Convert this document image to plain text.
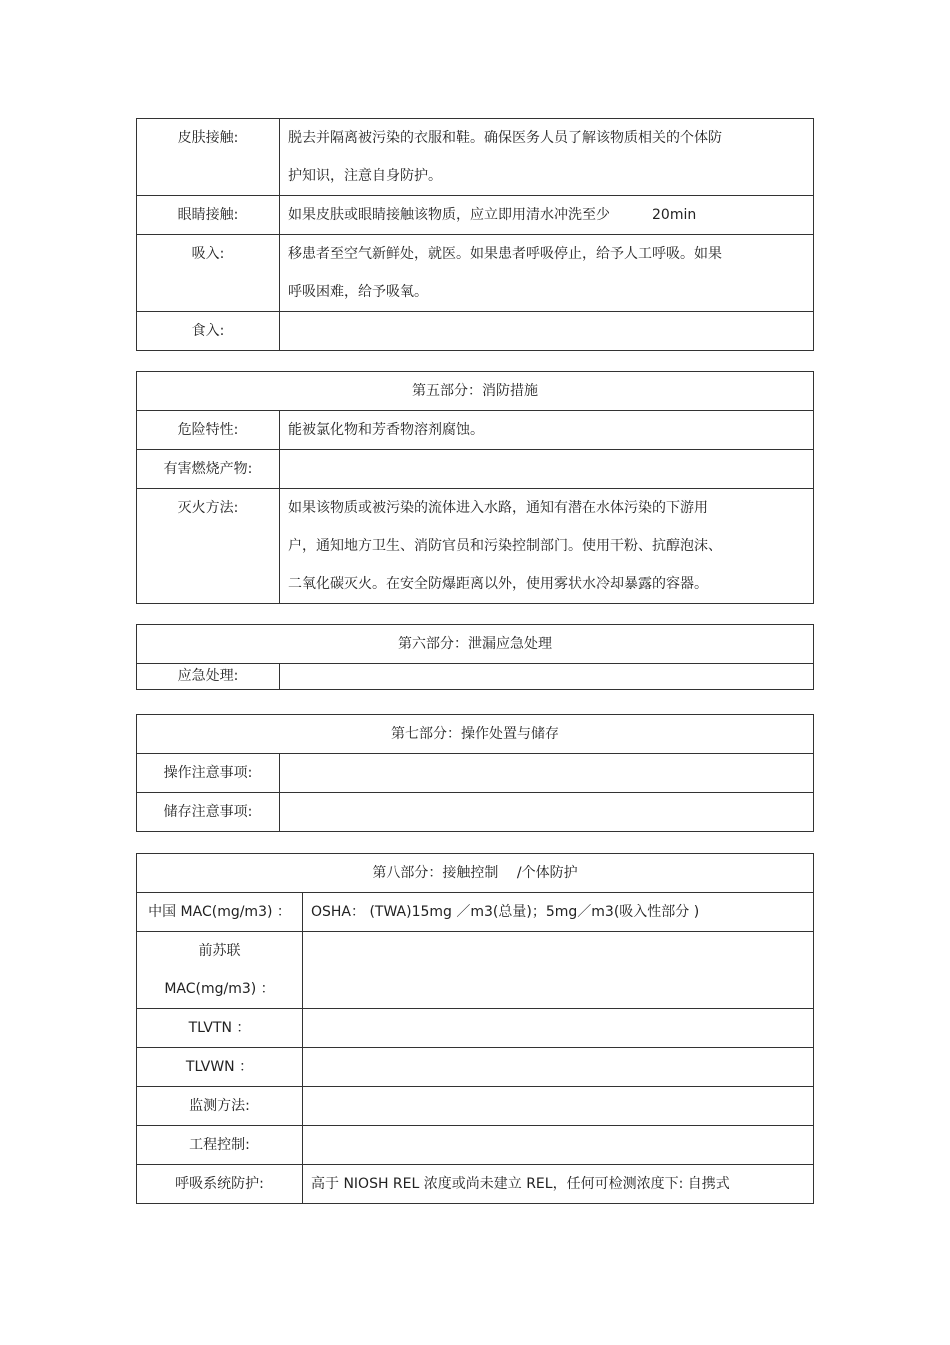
皮肤接触:	脱去并隔离被污染的衣服和鞋。确保医务人员了解该物质相关的个体防
护知识，注意自身防护。

眼睛接触:	如果皮肤或眼睛接触该物质，应立即用清水冲洗至少　　　20min
吸入:	移患者至空气新鲜处，就医。如果患者呼吸停止，给予人工呼吸。如果
呼吸困难，给予吸氧。

食入:	
第五部分：消防措施	
危险特性:	能被氯化物和芳香物溶剂腐蚀。
有害燃烧产物:	
灭火方法:	如果该物质或被污染的流体进入水路，通知有潜在水体污染的下游用
户，通知地方卫生、消防官员和污染控制部门。使用干粉、抗醇泡沫、
二氧化碳灭火。在安全防爆距离以外，使用雾状水冷却暴露的容器。
第六部分：泄漏应急处理
应急处理:	
第七部分：操作处置与储存	
操作注意事项:	
储存注意事项:	
第八部分：接触控制　 /个体防护	
中国 MAC(mg/m3) ：	OSHA： (TWA)15mg ／m3(总量)；5mg／m3(吸入性部分 )

前苏联
MAC(mg/m3) ：	

TLVTN ：	
TLVWN ：	
监测方法:	
工程控制:	
呼吸系统防护:	高于 NIOSH REL 浓度或尚未建立 REL，任何可检测浓度下: 自携式
